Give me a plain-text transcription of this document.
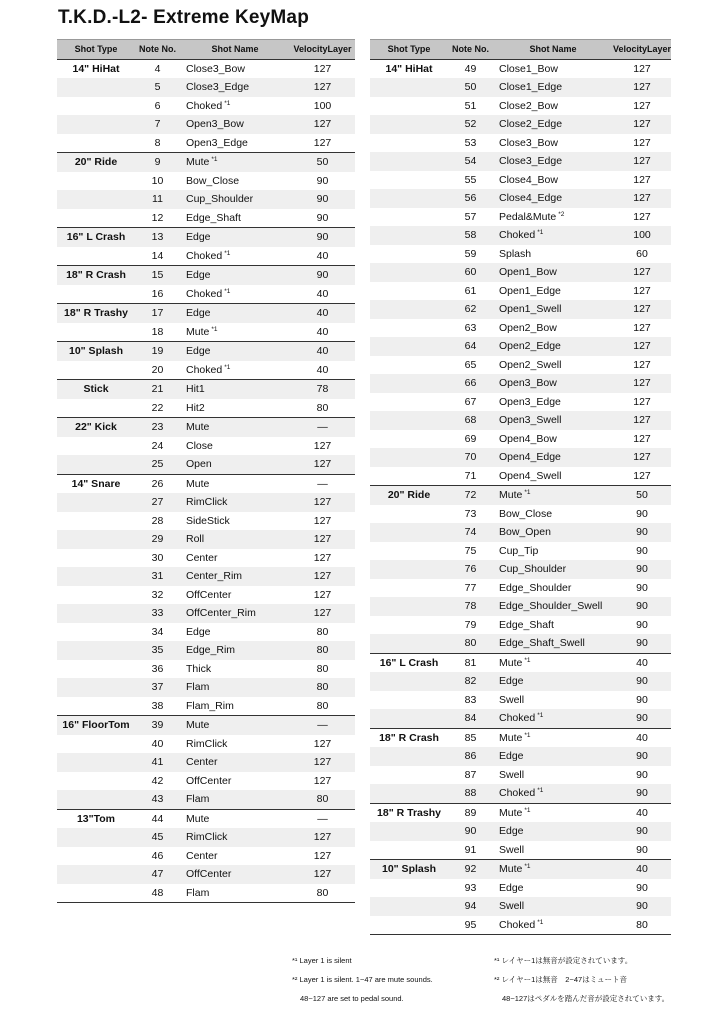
T.K.D.-L2- Extreme KeyMap
Shot Type	Note No.	Shot Name	VelocityLayer
14" HiHat	4	Close3_Bow	127
	5	Close3_Edge	127
	6	Choked $^{*1}$	100
	7	Open3_Bow	127
	8	Open3_Edge	127
20" Ride	9	Mute $^{*1}$	50
	10	Bow_Close	90
	11	Cup_Shoulder	90
	12	Edge_Shaft	90
16" L Crash	13	Edge	90
	14	Choked $^{*1}$	40
18" R Crash	15	Edge	90
	16	Choked $^{*1}$	40
18" R Trashy	17	Edge	40
	18	Mute $^{*1}$	40
10" Splash	19	Edge	40
	20	Choked $^{*1}$	40
Stick	21	Hit1	78
	22	Hit2	80
22" Kick	23	Mute	—
	24	Close	127
	25	Open	127
14" Snare	26	Mute	—
	27	RimClick	127
	28	SideStick	127
	29	Roll	127
	30	Center	127
	31	Center_Rim	127
	32	OffCenter	127
	33	OffCenter_Rim	127
	34	Edge	80
	35	Edge_Rim	80
	36	Thick	80
	37	Flam	80
	38	Flam_Rim	80
16" FloorTom	39	Mute	—
	40	RimClick	127
	41	Center	127
	42	OffCenter	127
	43	Flam	80
13"Tom	44	Mute	—
	45	RimClick	127
	46	Center	127
	47	OffCenter	127
	48	Flam	80
Shot Type	Note No.	Shot Name	VelocityLayer
14" HiHat	49	Close1_Bow	127
	50	Close1_Edge	127
	51	Close2_Bow	127
	52	Close2_Edge	127
	53	Close3_Bow	127
	54	Close3_Edge	127
	55	Close4_Bow	127
	56	Close4_Edge	127
	57	Pedal&Mute $^{*2}$	127
	58	Choked $^{*1}$	100
	59	Splash	60
	60	Open1_Bow	127
	61	Open1_Edge	127
	62	Open1_Swell	127
	63	Open2_Bow	127
	64	Open2_Edge	127
	65	Open2_Swell	127
	66	Open3_Bow	127
	67	Open3_Edge	127
	68	Open3_Swell	127
	69	Open4_Bow	127
	70	Open4_Edge	127
	71	Open4_Swell	127
20" Ride	72	Mute $^{*1}$	50
	73	Bow_Close	90
	74	Bow_Open	90
	75	Cup_Tip	90
	76	Cup_Shoulder	90
	77	Edge_Shoulder	90
	78	Edge_Shoulder_Swell	90
	79	Edge_Shaft	90
	80	Edge_Shaft_Swell	90
16" L Crash	81	Mute $^{*1}$	40
	82	Edge	90
	83	Swell	90
	84	Choked $^{*1}$	90
18" R Crash	85	Mute $^{*1}$	40
	86	Edge	90
	87	Swell	90
	88	Choked $^{*1}$	90
18" R Trashy	89	Mute $^{*1}$	40
	90	Edge	90
	91	Swell	90
10" Splash	92	Mute $^{*1}$	40
	93	Edge	90
	94	Swell	90
	95	Choked $^{*1}$	80
*¹ Layer 1 is silent
*² Layer 1 is silent. 1~47 are mute sounds.
48~127 are set to pedal sound.
*¹ レイヤー1は無音が設定されています。
*² レイヤー1は無音　2~47はミュート音
48~127はペダルを踏んだ音が設定されています。
